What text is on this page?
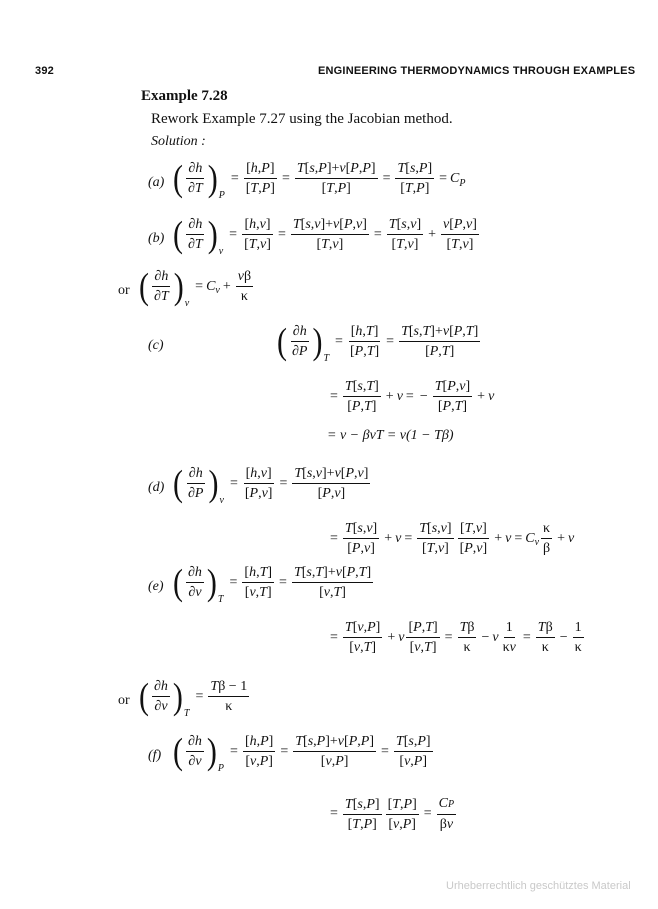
392	ENGINEERING THERMODYNAMICS THROUGH EXAMPLES
Example 7.28
Rework Example 7.27 using the Jacobian method.
Solution :
(a) ( $\frac{\partial h}{\partial T}$ ) P
= $\frac{[h,P]}{[T,P]} = \frac{T[s,P]+v[P,P]}{[T,P]} = \frac{T[s,P]}{[T,P]} = C$ P
(b) ( $\frac{\partial h}{\partial T}$ ) v
= $\frac{[h,v]}{[T,v]} = \frac{T[s,v]+v[P,v]}{[T,v]} = \frac{T[s,v]}{[T,v]} + \frac{v[P,v]}{[T,v]}$
or ( $\frac{\partial h}{\partial T}$ ) v
= C $v + \frac{v\beta}{\kappa}$
(c)	( $\frac{\partial h}{\partial P}$ ) T
= $\frac{[h,T]}{[P,T]} = \frac{T[s,T]+v[P,T]}{[P,T]}$
= $\frac{T[s,T]}{[P,T]} + v$ = − $\frac{T[P,v]}{[P,T]} + v$
= v − βvT = v(1 − Tβ)
(d) ( $\frac{\partial h}{\partial P}$ ) v
= $\frac{[h,v]}{[P,v]} = \frac{T[s,v]+v[P,v]}{[P,v]}$
= $\frac{T[s,v]}{[P,v]} + v = \frac{T[s,v]}{[T,v]} \frac{[T,v]}{[P,v]} + v = C$ v $\frac{\kappa}{\beta} + v$
(e) ( $\frac{\partial h}{\partial v}$ ) T
= $\frac{[h,T]}{[v,T]} = \frac{T[s,T]+v[P,T]}{[v,T]}$
= $\frac{T[v,P]}{[v,T]} + v \frac{[P,T]}{[v,T]} = \frac{T\beta}{\kappa} - v \frac{1}{\kappa v} = \frac{T\beta}{\kappa} - \frac{1}{\kappa}$
or ( $\frac{\partial h}{\partial v}$ ) T
= $\frac{T\beta - 1}{\kappa}$
(f) ( $\frac{\partial h}{\partial v}$ ) P
= $\frac{[h,P]}{[v,P]} = \frac{T[s,P]+v[P,P]}{[v,P]} = \frac{T[s,P]}{[v,P]}$
= $\frac{T[s,P]}{[T,P]} \frac{[T,P]}{[v,P]} = \frac{CP}{\beta v}$
Urheberrechtlich geschütztes Material
